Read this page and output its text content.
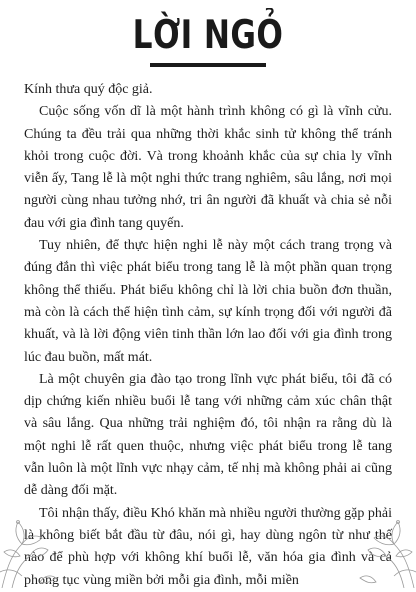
LỜI NGỎ

Kính thưa quý độc giả.

Cuộc sống vốn dĩ là một hành trình không có gì là vĩnh cửu. Chúng ta đều trải qua những thời khắc sinh tử không thể tránh khỏi trong cuộc đời. Và trong khoảnh khắc của sự chia ly vĩnh viễn ấy, Tang lễ là một nghi thức trang nghiêm, sâu lắng, nơi mọi người cùng nhau tưởng nhớ, tri ân người đã khuất và chia sẻ nỗi đau với gia đình tang quyến.

Tuy nhiên, để thực hiện nghi lễ này một cách trang trọng và đúng đắn thì việc phát biểu trong tang lễ là một phần quan trọng không thể thiếu. Phát biểu không chỉ là lời chia buồn đơn thuần, mà còn là cách thể hiện tình cảm, sự kính trọng đối với người đã khuất, và là lời động viên tinh thần lớn lao đối với gia đình trong lúc đau buồn, mất mát.

Là một chuyên gia đào tạo trong lĩnh vực phát biểu, tôi đã có dịp chứng kiến nhiều buổi lễ tang với những cảm xúc chân thật và sâu lắng. Qua những trải nghiệm đó, tôi nhận ra rằng dù là một nghi lễ rất quen thuộc, nhưng việc phát biểu trong lễ tang vẫn luôn là một lĩnh vực nhạy cảm, tế nhị mà không phải ai cũng dễ dàng đối mặt.

Tôi nhận thấy, điều Khó khăn mà nhiều người thường gặp phải là không biết bắt đầu từ đâu, nói gì, hay dùng ngôn từ như thế nào để phù hợp với không khí buổi lễ, văn hóa gia đình và cả phong tục vùng miền bởi mỗi gia đình, mỗi miền
